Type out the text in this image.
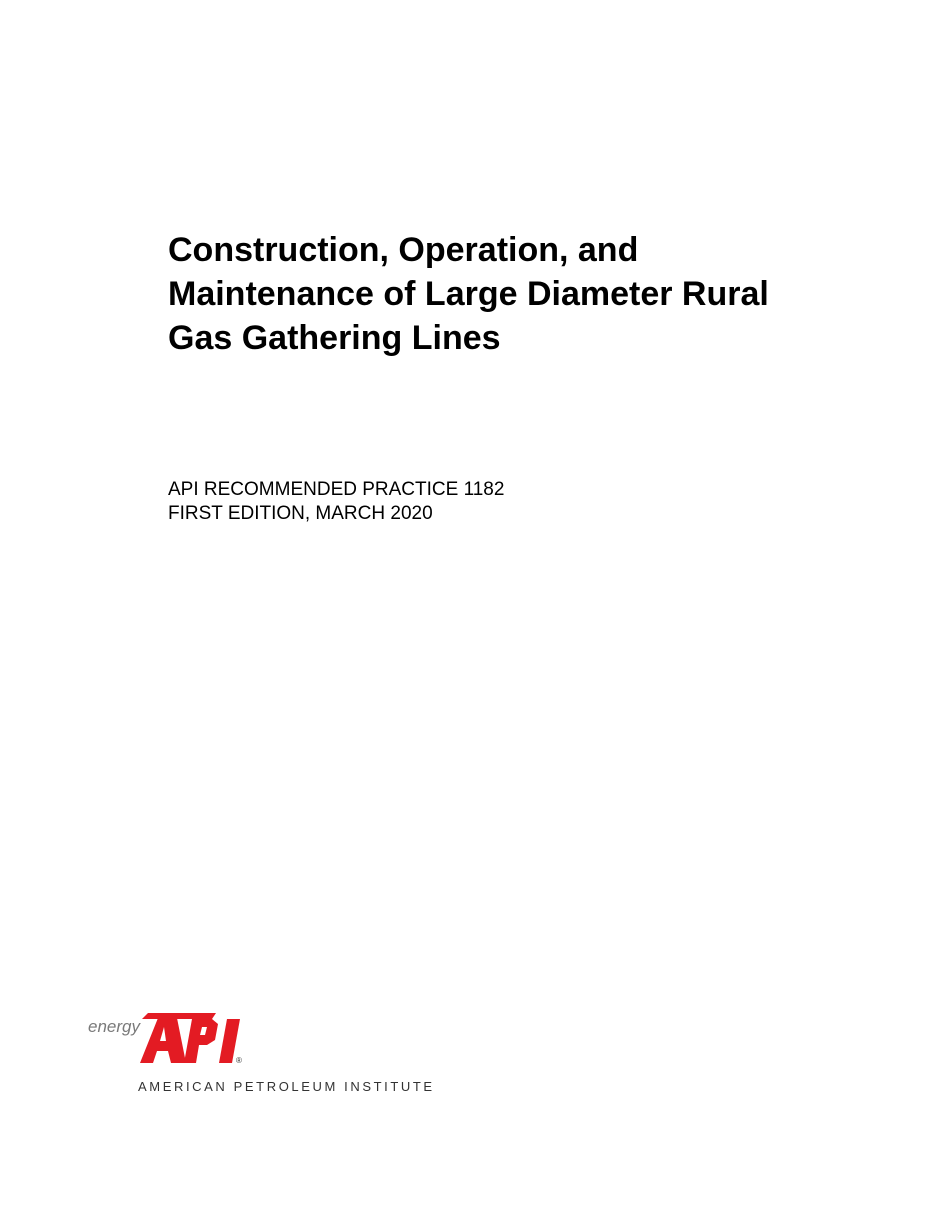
Construction, Operation, and
Maintenance of Large Diameter Rural
Gas Gathering Lines
API RECOMMENDED PRACTICE 1182
FIRST EDITION, MARCH 2020
energy
®
AMERICAN PETROLEUM INSTITUTE
